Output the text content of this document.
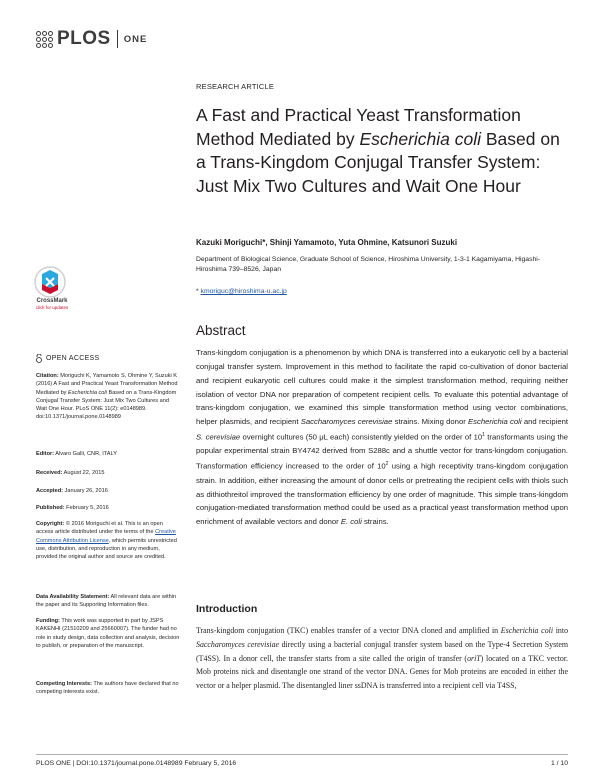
PLOS ONE
RESEARCH ARTICLE
A Fast and Practical Yeast Transformation Method Mediated by Escherichia coli Based on a Trans-Kingdom Conjugal Transfer System: Just Mix Two Cultures and Wait One Hour
Kazuki Moriguchi*, Shinji Yamamoto, Yuta Ohmine, Katsunori Suzuki
Department of Biological Science, Graduate School of Science, Hiroshima University, 1-3-1 Kagamiyama, Higashi-Hiroshima 739–8526, Japan
* kmoriguc@hiroshima-u.ac.jp
CrossMark
click for updates
OPEN ACCESS
Citation: Moriguchi K, Yamamoto S, Ohmine Y, Suzuki K (2016) A Fast and Practical Yeast Transformation Method Mediated by Escherichia coli Based on a Trans-Kingdom Conjugal Transfer System: Just Mix Two Cultures and Wait One Hour. PLoS ONE 11(2): e0148989. doi:10.1371/journal.pone.0148989
Editor: Alvaro Galli, CNR, ITALY
Received: August 22, 2015
Accepted: January 26, 2016
Published: February 5, 2016
Copyright: © 2016 Moriguchi et al. This is an open access article distributed under the terms of the Creative Commons Attribution License, which permits unrestricted use, distribution, and reproduction in any medium, provided the original author and source are credited.
Data Availability Statement: All relevant data are within the paper and its Supporting Information files.
Funding: This work was supported in part by JSPS KAKENHI (21510209 and 25660007). The funder had no role in study design, data collection and analysis, decision to publish, or preparation of the manuscript.
Competing Interests: The authors have declared that no competing interests exist.
Abstract
Trans-kingdom conjugation is a phenomenon by which DNA is transferred into a eukaryotic cell by a bacterial conjugal transfer system. Improvement in this method to facilitate the rapid co-cultivation of donor bacterial and recipient eukaryotic cell cultures could make it the simplest transformation method, requiring neither isolation of vector DNA nor preparation of competent recipient cells. To evaluate this potential advantage of trans-kingdom conjugation, we examined this simple transformation method using vector combinations, helper plasmids, and recipient Saccharomyces cerevisiae strains. Mixing donor Escherichia coli and recipient S. cerevisiae overnight cultures (50 μL each) consistently yielded on the order of $10^1$ transformants using the popular experimental strain BY4742 derived from S288c and a shuttle vector for trans-kingdom conjugation. Transformation efficiency increased to the order of $10^2$ using a high receptivity trans-kingdom conjugation strain. In addition, either increasing the amount of donor cells or pretreating the recipient cells with thiols such as dithiothreitol improved the transformation efficiency by one order of magnitude. This simple trans-kingdom conjugation-mediated transformation method could be used as a practical yeast transformation method upon enrichment of available vectors and donor E. coli strains.
Introduction
Trans-kingdom conjugation (TKC) enables transfer of a vector DNA cloned and amplified in Escherichia coli into Saccharomyces cerevisiae directly using a bacterial conjugal transfer system based on the Type-4 Secretion System (T4SS). In a donor cell, the transfer starts from a site called the origin of transfer (oriT) located on a TKC vector. Mob proteins nick and disentangle one strand of the vector DNA. Genes for Mob proteins are encoded in either the vector or a helper plasmid. The disentangled liner ssDNA is transferred into a recipient cell via T4SS,
PLOS ONE | DOI:10.1371/journal.pone.0148989 February 5, 2016	1 / 10
